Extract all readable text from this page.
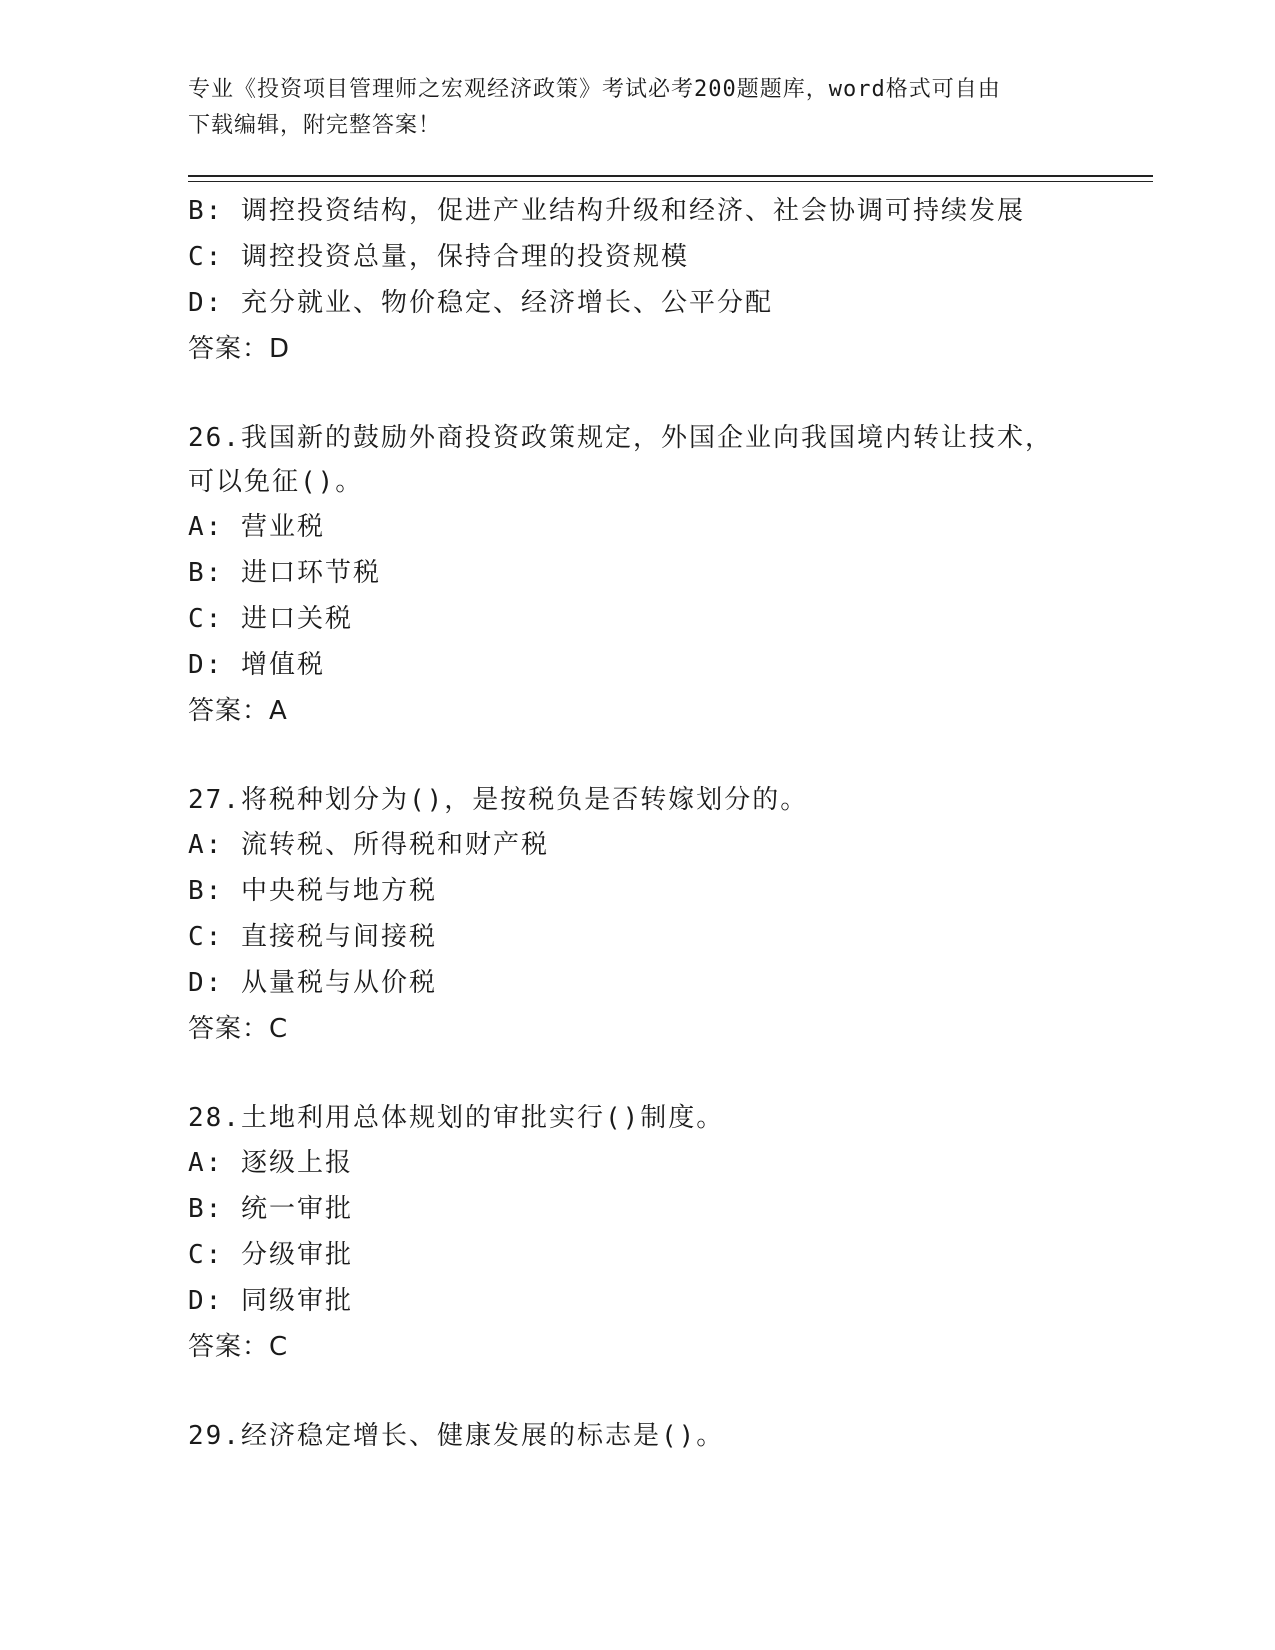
专业《投资项目管理师之宏观经济政策》考试必考200题题库，word格式可自由
下载编辑，附完整答案！
B: 调控投资结构，促进产业结构升级和经济、社会协调可持续发展
C: 调控投资总量，保持合理的投资规模
D: 充分就业、物价稳定、经济增长、公平分配
答案：D
26.我国新的鼓励外商投资政策规定，外国企业向我国境内转让技术，
可以免征()。
A: 营业税
B: 进口环节税
C: 进口关税
D: 增值税
答案：A
27.将税种划分为()，是按税负是否转嫁划分的。
A: 流转税、所得税和财产税
B: 中央税与地方税
C: 直接税与间接税
D: 从量税与从价税
答案：C
28.土地利用总体规划的审批实行()制度。
A: 逐级上报
B: 统一审批
C: 分级审批
D: 同级审批
答案：C
29.经济稳定增长、健康发展的标志是()。
